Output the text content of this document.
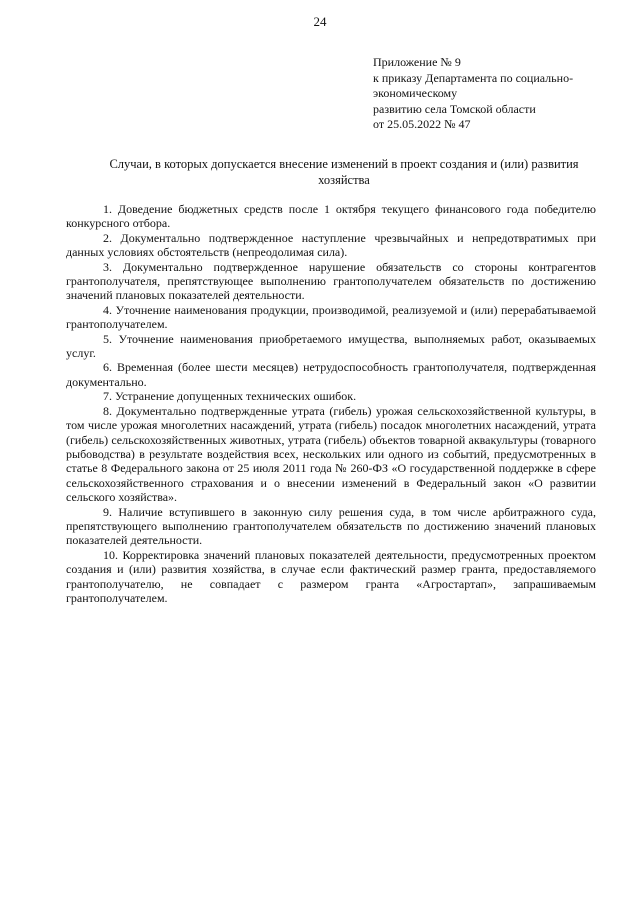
24
Приложение № 9
к приказу Департамента по социально-
экономическому
развитию села Томской области
от 25.05.2022 № 47
Случаи, в которых допускается внесение изменений в проект создания и (или) развития хозяйства

1. Доведение бюджетных средств после 1 октября текущего финансового года победителю конкурсного отбора.

2. Документально подтвержденное наступление чрезвычайных и непредотвратимых при данных условиях обстоятельств (непреодолимая сила).

3. Документально подтвержденное нарушение обязательств со стороны контрагентов грантополучателя, препятствующее выполнению грантополучателем обязательств по достижению значений плановых показателей деятельности.

4. Уточнение наименования продукции, производимой, реализуемой и (или) перерабатываемой грантополучателем.

5. Уточнение наименования приобретаемого имущества, выполняемых работ, оказываемых услуг.

6. Временная (более шести месяцев) нетрудоспособность грантополучателя, подтвержденная документально.

7. Устранение допущенных технических ошибок.

8. Документально подтвержденные утрата (гибель) урожая сельскохозяйственной культуры, в том числе урожая многолетних насаждений, утрата (гибель) посадок многолетних насаждений, утрата (гибель) сельскохозяйственных животных, утрата (гибель) объектов товарной аквакультуры (товарного рыбоводства) в результате воздействия всех, нескольких или одного из событий, предусмотренных в статье 8 Федерального закона от 25 июля 2011 года № 260-ФЗ «О государственной поддержке в сфере сельскохозяйственного страхования и о внесении изменений в Федеральный закон «О развитии сельского хозяйства».

9. Наличие вступившего в законную силу решения суда, в том числе арбитражного суда, препятствующего выполнению грантополучателем обязательств по достижению значений плановых показателей деятельности.

10. Корректировка значений плановых показателей деятельности, предусмотренных проектом создания и (или) развития хозяйства, в случае если фактический размер гранта, предоставляемого грантополучателю, не совпадает с размером гранта «Агростартап», запрашиваемым грантополучателем.
